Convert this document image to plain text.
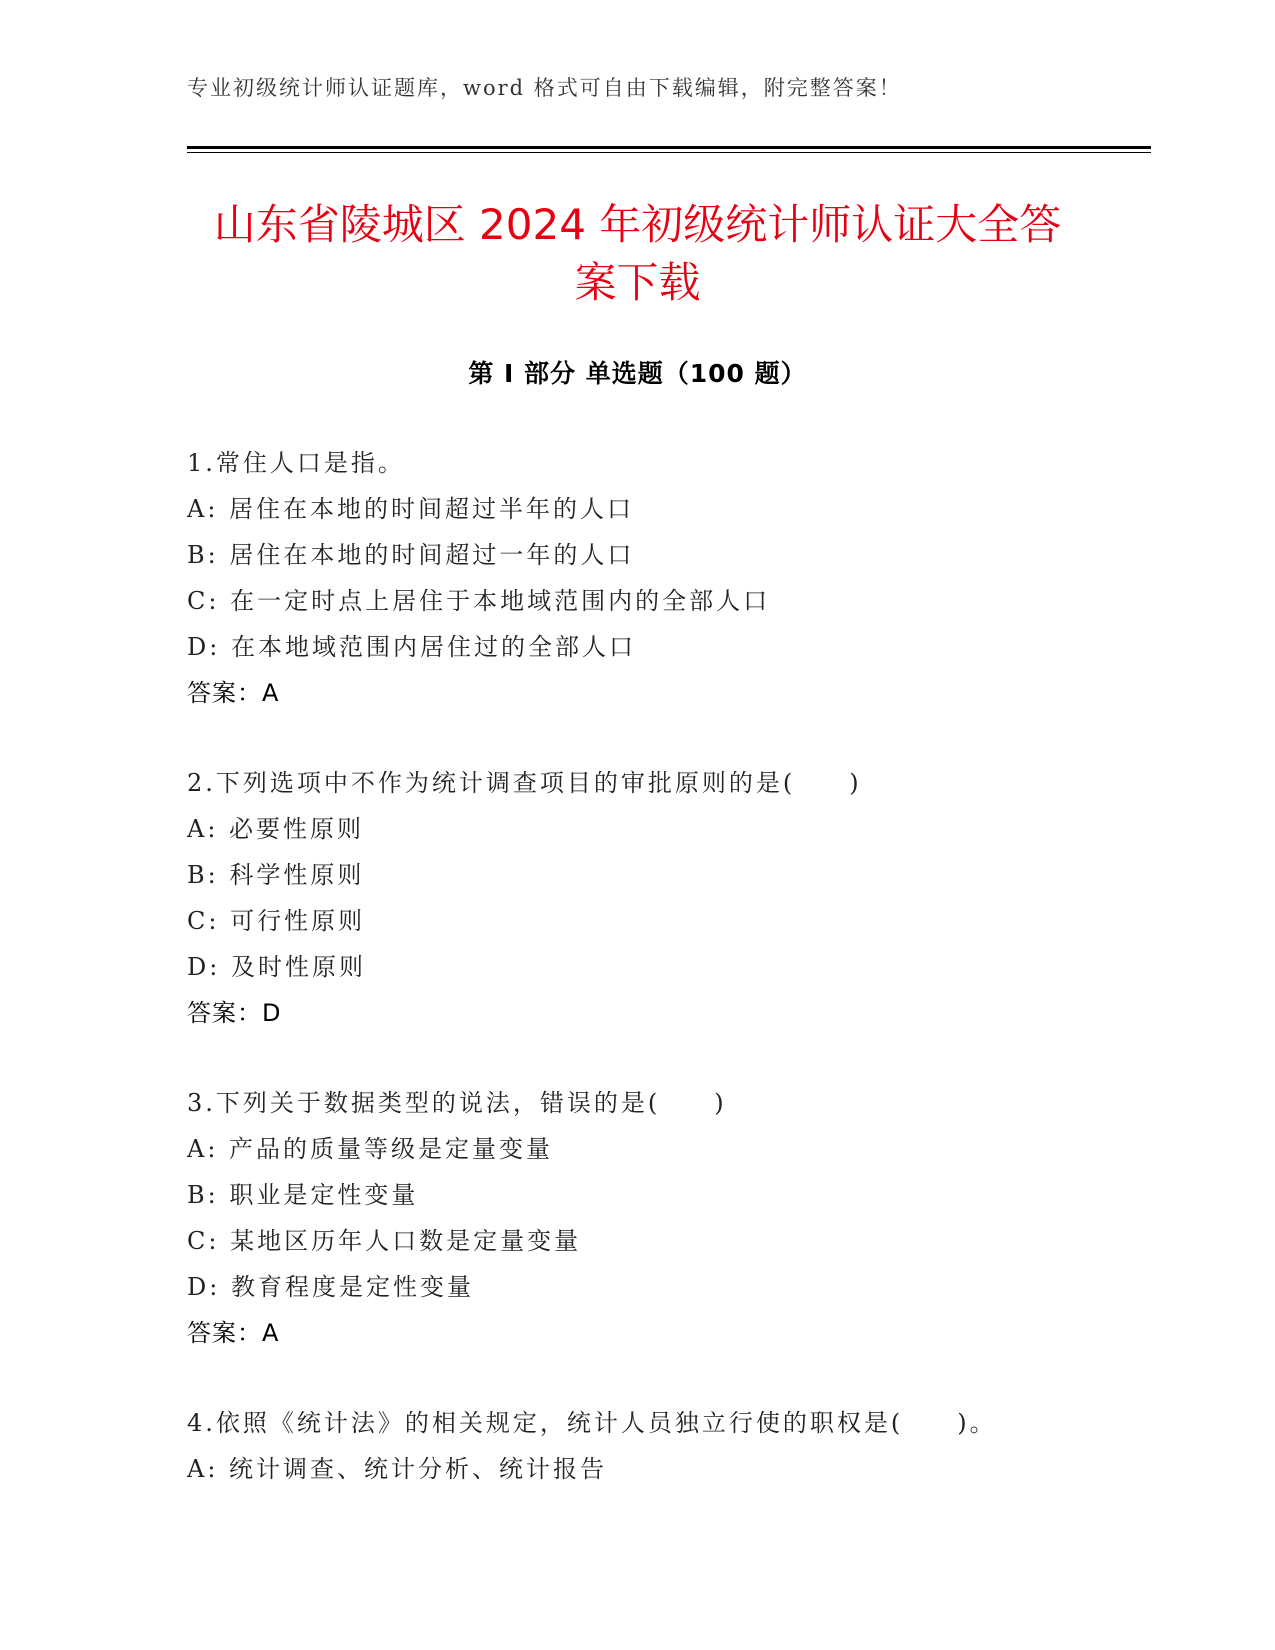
专业初级统计师认证题库，word 格式可自由下载编辑，附完整答案！
山东省陵城区 2024 年初级统计师认证大全答
案下载
第 I 部分 单选题（100 题）
1.常住人口是指。
A: 居住在本地的时间超过半年的人口
B: 居住在本地的时间超过一年的人口
C: 在一定时点上居住于本地域范围内的全部人口
D: 在本地域范围内居住过的全部人口
答案：A
2.下列选项中不作为统计调查项目的审批原则的是(　　)
A: 必要性原则
B: 科学性原则
C: 可行性原则
D: 及时性原则
答案：D
3.下列关于数据类型的说法，错误的是(　　)
A: 产品的质量等级是定量变量
B: 职业是定性变量
C: 某地区历年人口数是定量变量
D: 教育程度是定性变量
答案：A
4.依照《统计法》的相关规定，统计人员独立行使的职权是(　　)。
A: 统计调查、统计分析、统计报告
